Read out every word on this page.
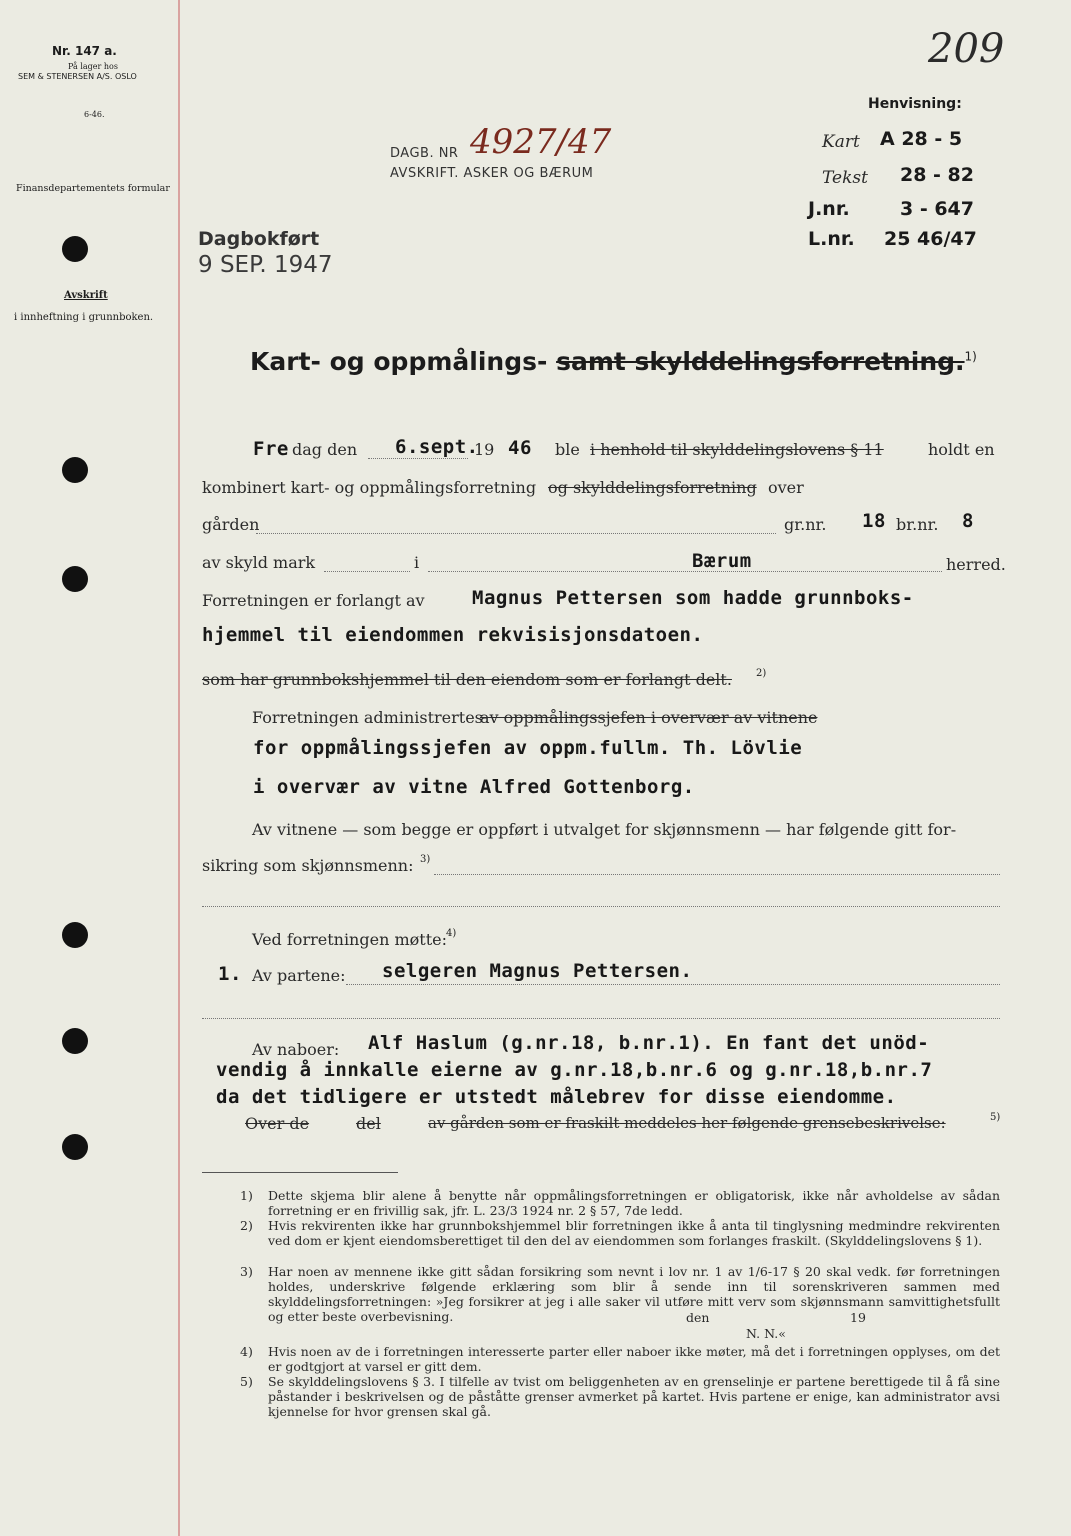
Nr. 147 a.
På lager hos
SEM & STENERSEN A/S. OSLO
6-46.
Finansdepartementets formular
Avskrift
i innheftning i grunnboken.
209
DAGB. NR 4927/47
AVSKRIFT. ASKER OG BÆRUM
Dagbokført
9 SEP. 1947
Henvisning:
Kart A 28 - 5
Tekst 28 - 82
J.nr.	3 - 647
L.nr. 25 46/47
Kart- og oppmålings- samt skylddelingsforretning.$^{1)}$
Fre dag den 6.sept.
19 46 ble i henhold til skylddelingslovens § 11	holdt en
kombinert kart- og oppmålingsforretning og skylddelingsforretning over
gården	gr.nr. 18 br.nr. 8
av skyld mark	i	Bærum	herred.
Forretningen er forlangt av Magnus Pettersen som hadde grunnboks-
hjemmel til eiendommen rekvisisjonsdatoen.
som har grunnbokshjemmel til den eiendom som er forlangt delt. 2)
Forretningen administrertes
av oppmålingssjefen i overvær av vitnene
for oppmålingssjefen av oppm.fullm. Th. Lövlie
i overvær av vitne Alfred Gottenborg.
Av vitnene — som begge er oppført i utvalget for skjønnsmenn — har følgende gitt for-
sikring som skjønnsmenn: 3)
Ved forretningen møtte: 4)
1. Av partene: selgeren Magnus Pettersen.
Av naboer: Alf Haslum (g.nr.18, b.nr.1). En fant det unöd-
vendig å innkalle eierne av g.nr.18,b.nr.6 og g.nr.18,b.nr.7
da det tidligere er utstedt målebrev for disse eiendomme.
Over de	del	av gården som er fraskilt meddeles her følgende grensebeskrivelse:	5)
1) Dette skjema blir alene å benytte når oppmålingsforretningen er obligatorisk, ikke når avholdelse av sådan forretning er en frivillig sak, jfr. L. 23/3 1924 nr. 2 § 57, 7de ledd.
2) Hvis rekvirenten ikke har grunnbokshjemmel blir forretningen ikke å anta til tinglysning medmindre rekvirenten ved dom er kjent eiendomsberettiget til den del av eiendommen som forlanges fraskilt. (Skylddelingslovens § 1).
3) Har noen av mennene ikke gitt sådan forsikring som nevnt i lov nr. 1 av 1/6-17 § 20 skal vedk. før forretningen holdes, underskrive følgende erklæring som blir å sende inn til sorenskriveren sammen med skylddelingsforretningen: »Jeg forsikrer at jeg i alle saker vil utføre mitt verv som skjønnsmann samvittighetsfullt og etter beste overbevisning.	den	19
N. N.«
4) Hvis noen av de i forretningen interesserte parter eller naboer ikke møter, må det i forretningen opplyses, om det er godtgjort at varsel er gitt dem.
5) Se skylddelingslovens § 3. I tilfelle av tvist om beliggenheten av en grenselinje er partene berettigede til å få sine påstander i beskrivelsen og de påståtte grenser avmerket på kartet. Hvis partene er enige, kan administrator avsi kjennelse for hvor grensen skal gå.
